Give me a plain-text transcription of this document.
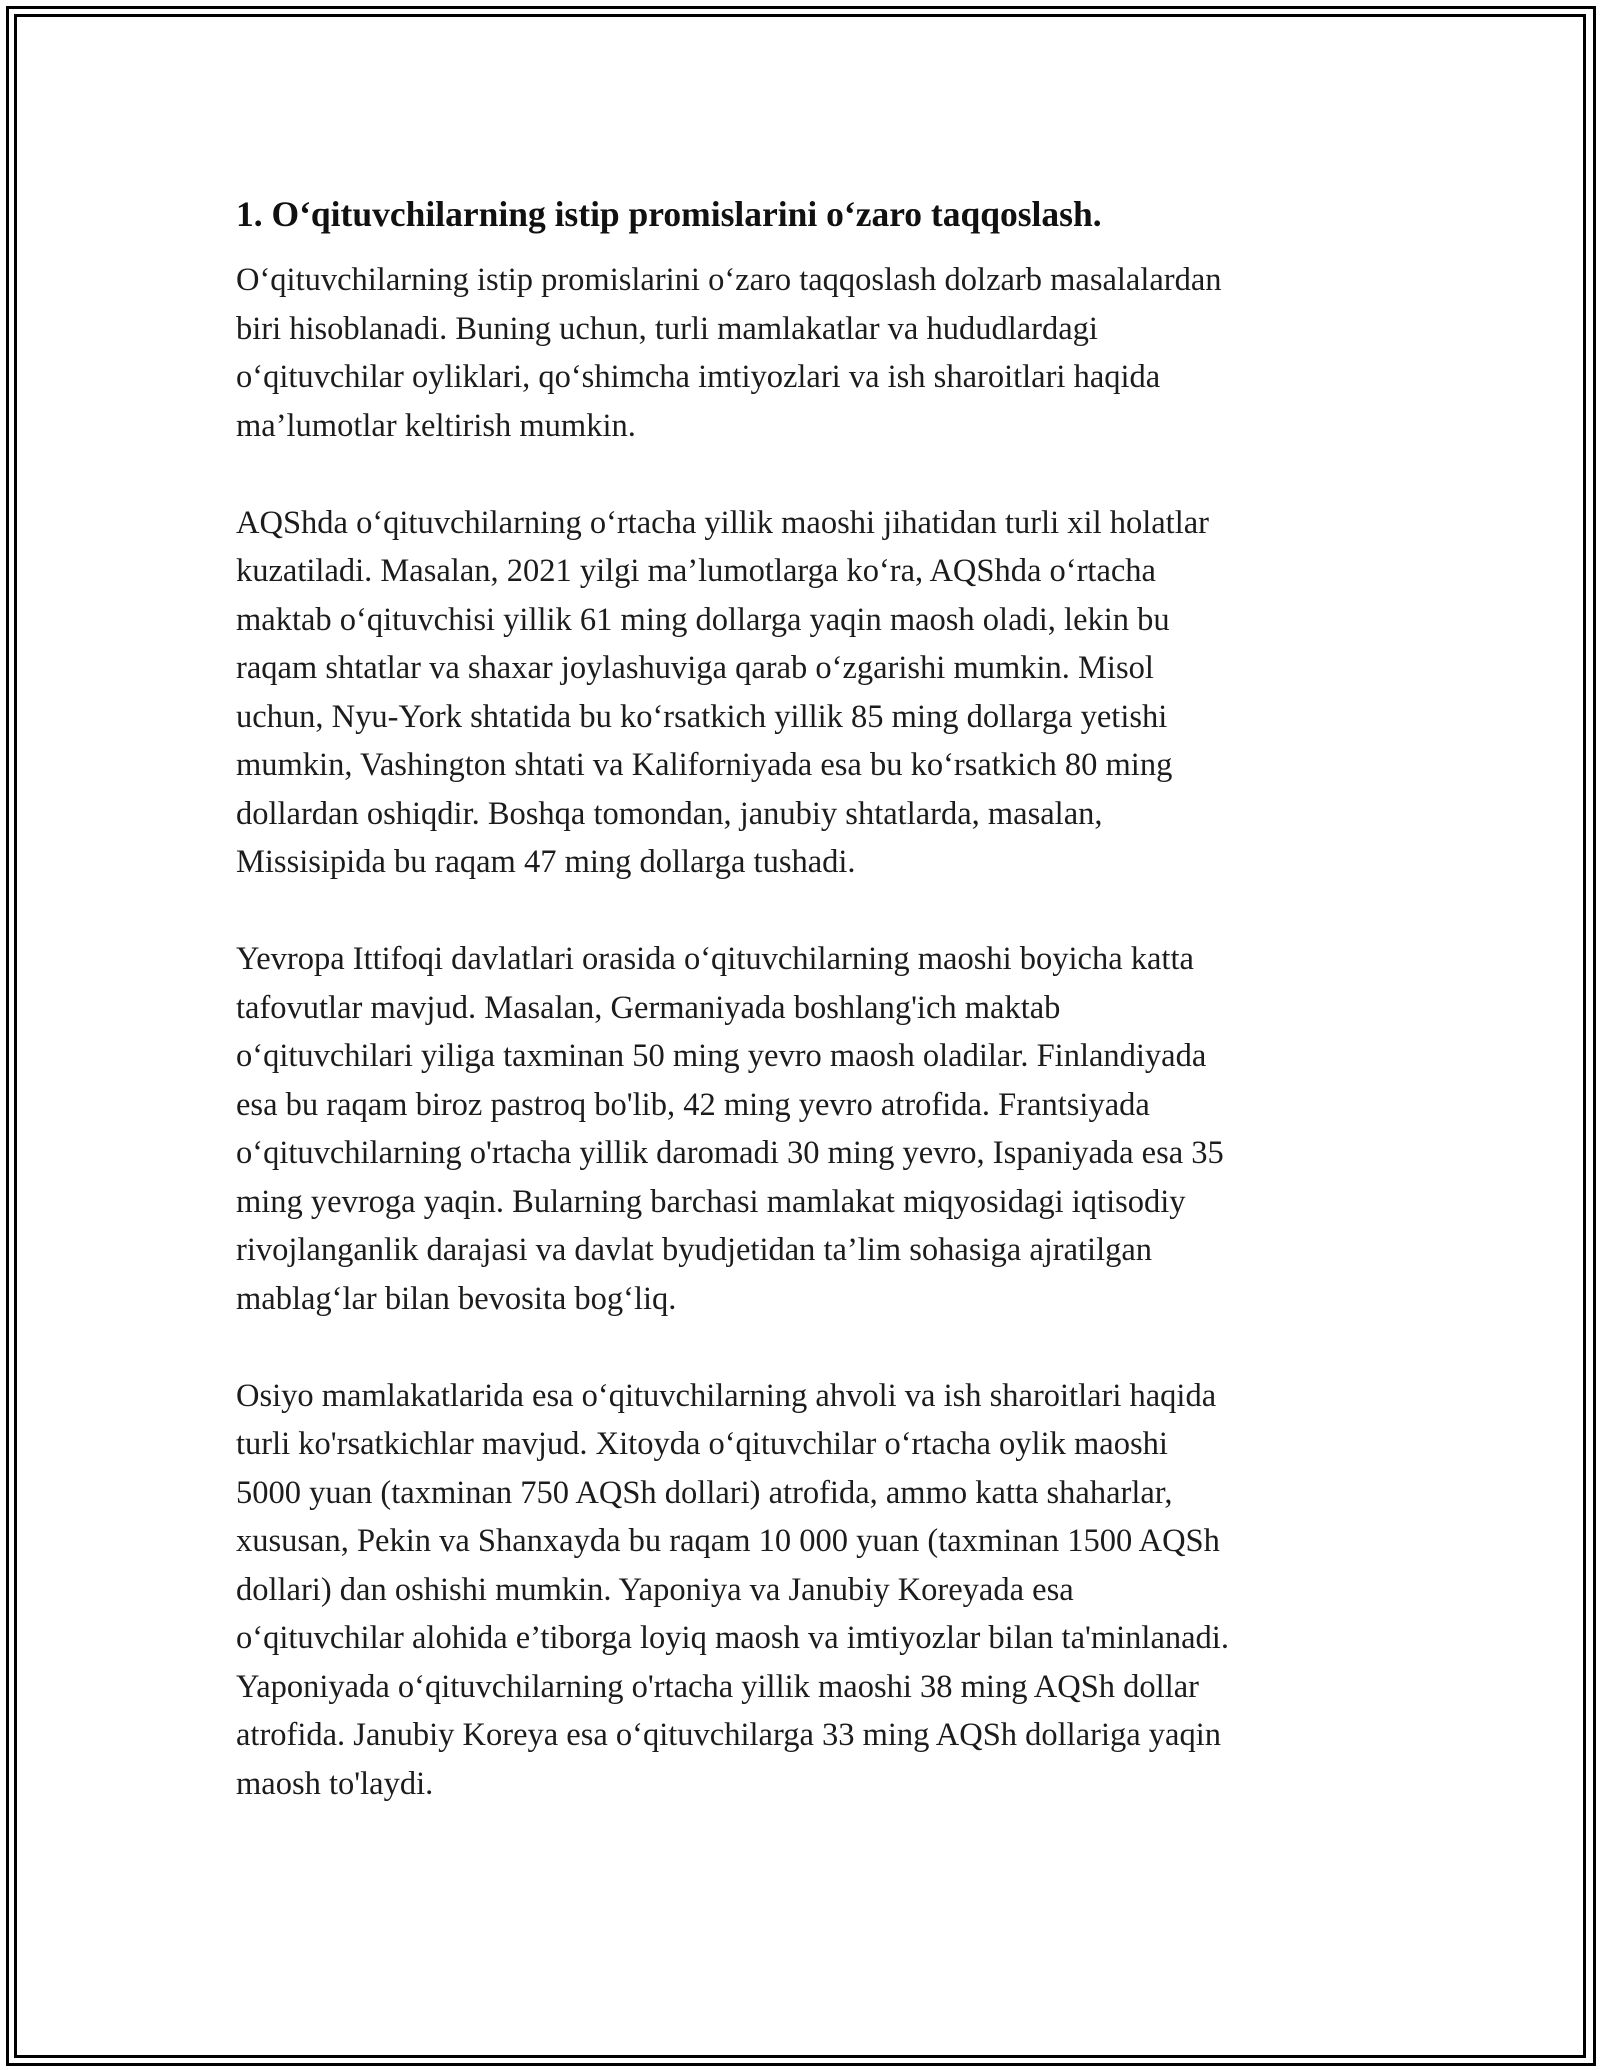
1. O‘qituvchilarning istip promislarini o‘zaro taqqoslash.

O‘qituvchilarning istip promislarini o‘zaro taqqoslash dolzarb masalalardan
biri hisoblanadi. Buning uchun, turli mamlakatlar va hududlardagi
o‘qituvchilar oyliklari, qo‘shimcha imtiyozlari va ish sharoitlari haqida
ma’lumotlar keltirish mumkin.

AQShda o‘qituvchilarning o‘rtacha yillik maoshi jihatidan turli xil holatlar
kuzatiladi. Masalan, 2021 yilgi ma’lumotlarga ko‘ra, AQShda o‘rtacha
maktab o‘qituvchisi yillik 61 ming dollarga yaqin maosh oladi, lekin bu
raqam shtatlar va shaxar joylashuviga qarab o‘zgarishi mumkin. Misol
uchun, Nyu-York shtatida bu ko‘rsatkich yillik 85 ming dollarga yetishi
mumkin, Vashington shtati va Kaliforniyada esa bu ko‘rsatkich 80 ming
dollardan oshiqdir. Boshqa tomondan, janubiy shtatlarda, masalan,
Missisipida bu raqam 47 ming dollarga tushadi.

Yevropa Ittifoqi davlatlari orasida o‘qituvchilarning maoshi boyicha katta
tafovutlar mavjud. Masalan, Germaniyada boshlang'ich maktab
o‘qituvchilari yiliga taxminan 50 ming yevro maosh oladilar. Finlandiyada
esa bu raqam biroz pastroq bo'lib, 42 ming yevro atrofida. Frantsiyada
o‘qituvchilarning o'rtacha yillik daromadi 30 ming yevro, Ispaniyada esa 35
ming yevroga yaqin. Bularning barchasi mamlakat miqyosidagi iqtisodiy
rivojlanganlik darajasi va davlat byudjetidan ta’lim sohasiga ajratilgan
mablag‘lar bilan bevosita bog‘liq.

Osiyo mamlakatlarida esa o‘qituvchilarning ahvoli va ish sharoitlari haqida
turli ko'rsatkichlar mavjud. Xitoyda o‘qituvchilar o‘rtacha oylik maoshi
5000 yuan (taxminan 750 AQSh dollari) atrofida, ammo katta shaharlar,
xususan, Pekin va Shanxayda bu raqam 10 000 yuan (taxminan 1500 AQSh
dollari) dan oshishi mumkin. Yaponiya va Janubiy Koreyada esa
o‘qituvchilar alohida e’tiborga loyiq maosh va imtiyozlar bilan ta'minlanadi.
Yaponiyada o‘qituvchilarning o'rtacha yillik maoshi 38 ming AQSh dollar
atrofida. Janubiy Koreya esa o‘qituvchilarga 33 ming AQSh dollariga yaqin
maosh to'laydi.
